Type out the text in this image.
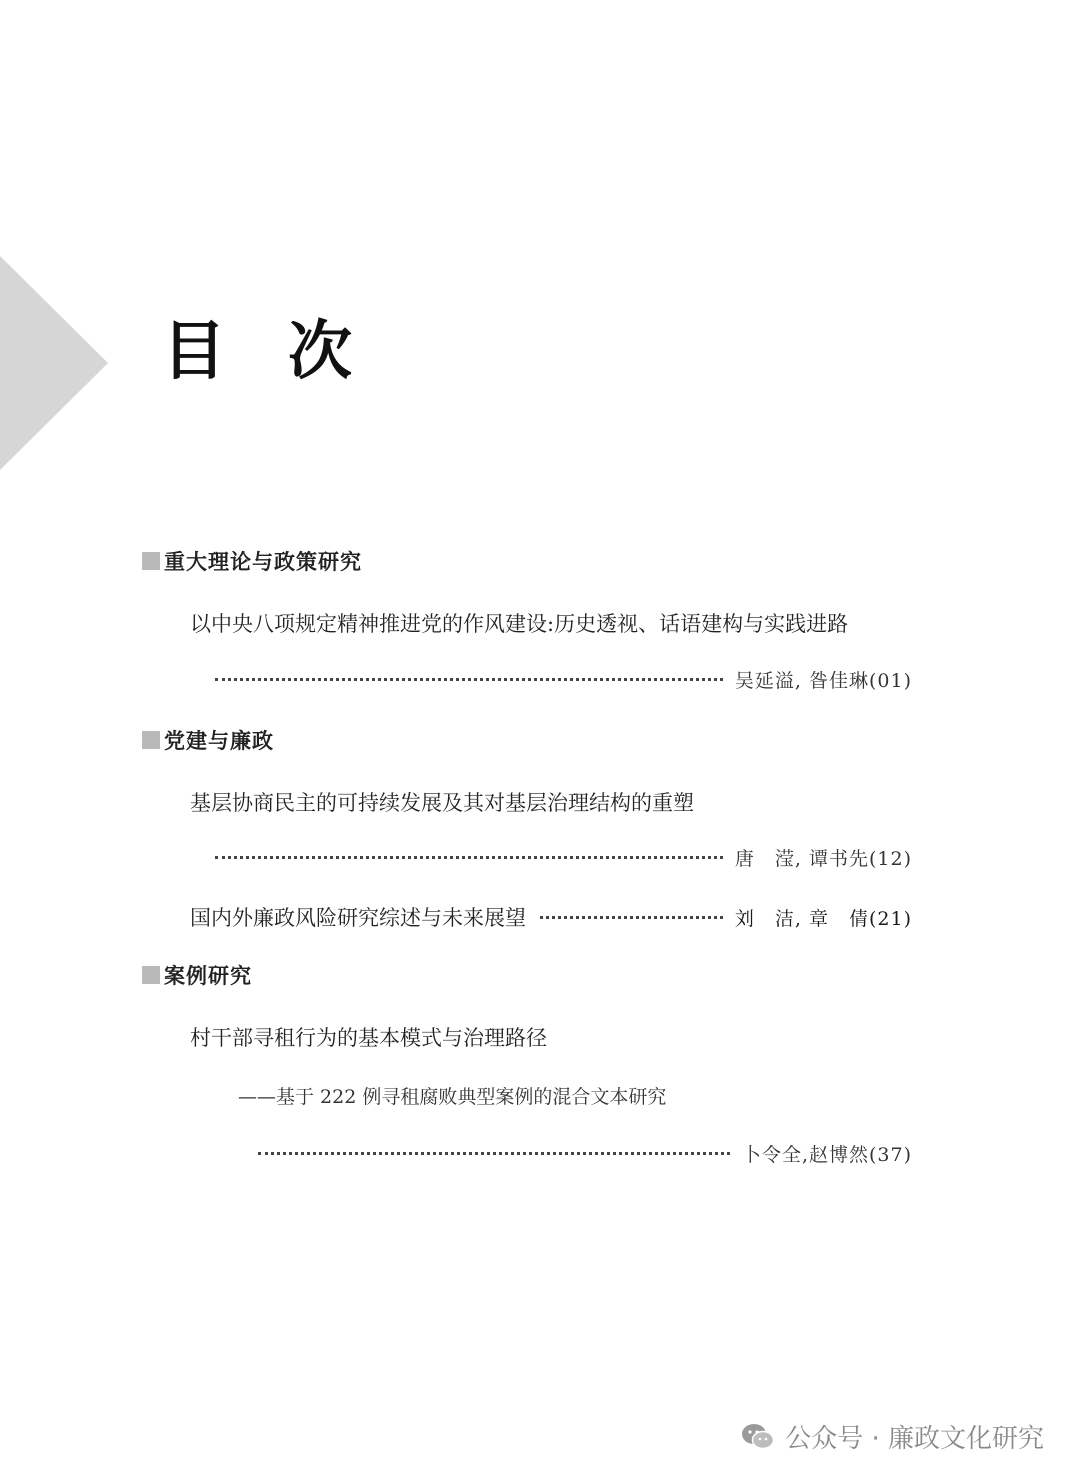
目次
重大理论与政策研究
以中央八项规定精神推进党的作风建设:历史透视、话语建构与实践进路
吴延溢, 昝佳琳(01)
党建与廉政
基层协商民主的可持续发展及其对基层治理结构的重塑
唐　滢, 谭书先(12)
国内外廉政风险研究综述与未来展望	刘　洁, 章　倩(21)
案例研究
村干部寻租行为的基本模式与治理路径
——基于 222 例寻租腐败典型案例的混合文本研究
卜令全,赵博然(37)
公众号 · 廉政文化研究
